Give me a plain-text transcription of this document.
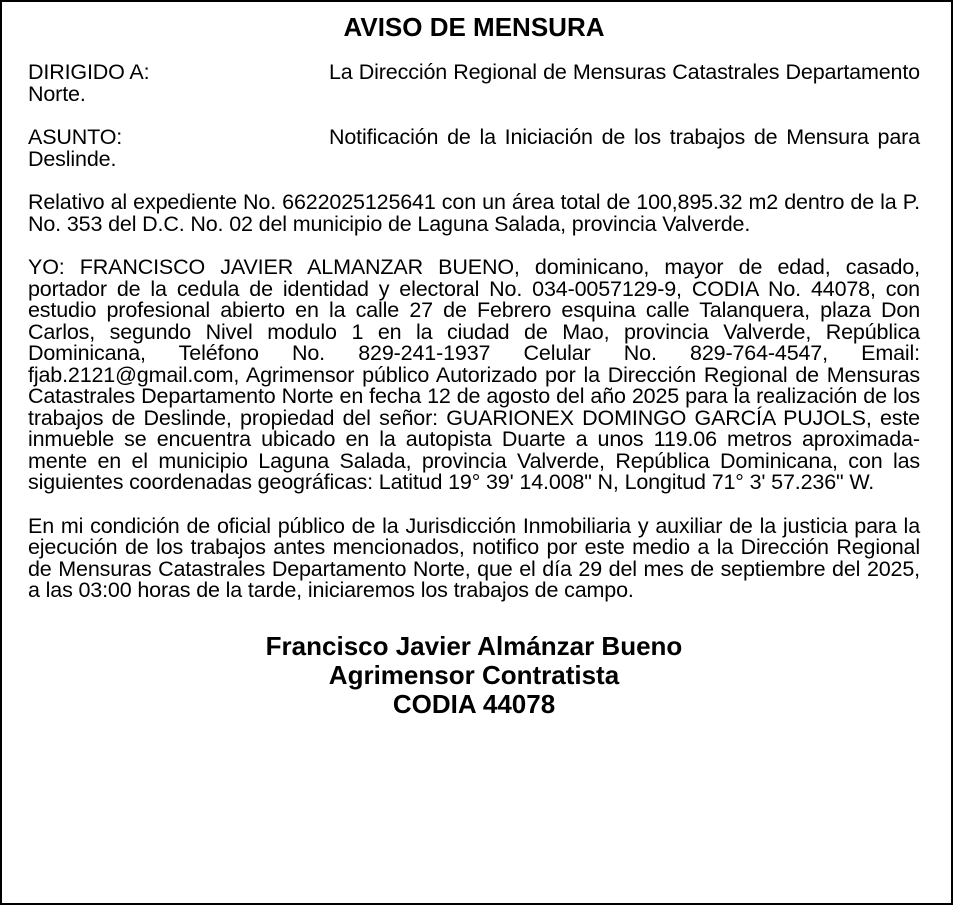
AVISO DE MENSURA
DIRIGIDO A:	La Dirección Regional de Mensuras Catastrales Departamento Norte.
ASUNTO:	Notificación de la Iniciación de los trabajos de Mensura para Deslinde.
Relativo al expediente No. 6622025125641 con un área total de 100,895.32 m2 dentro de la P. No. 353 del D.C. No. 02 del municipio de Laguna Salada, provincia Valverde.
YO: FRANCISCO JAVIER ALMANZAR BUENO, dominicano, mayor de edad, casado, portador de la cedula de identidad y electoral No. 034-0057129-9, CODIA No. 44078, con estudio profesional abierto en la calle 27 de Febrero esquina calle Talanquera, plaza Don Carlos, segundo Nivel modulo 1 en la ciudad de Mao, provincia Valverde, República Dominicana, Teléfono No. 829-241-1937 Celular No. 829-764-4547, Email: fjab.2121@gmail.com, Agrimensor público Autorizado por la Dirección Regional de Mensuras Catastrales Departamento Norte en fecha 12 de agosto del año 2025 para la realización de los trabajos de Deslinde, propiedad del señor: GUARIONEX DOMINGO GARCÍA PUJOLS, este inmueble se encuentra ubicado en la autopista Duarte a unos 119.06 metros aproximadamente en el municipio Laguna Salada, provincia Valverde, República Dominicana, con las siguientes coordenadas geográficas: Latitud 19° 39' 14.008" N, Longitud 71° 3' 57.236" W.
En mi condición de oficial público de la Jurisdicción Inmobiliaria y auxiliar de la justicia para la ejecución de los trabajos antes mencionados, notifico por este medio a la Dirección Regional de Mensuras Catastrales Departamento Norte, que el día 29 del mes de septiembre del 2025, a las 03:00 horas de la tarde, iniciaremos los trabajos de campo.
Francisco Javier Almánzar Bueno
Agrimensor Contratista
CODIA 44078
